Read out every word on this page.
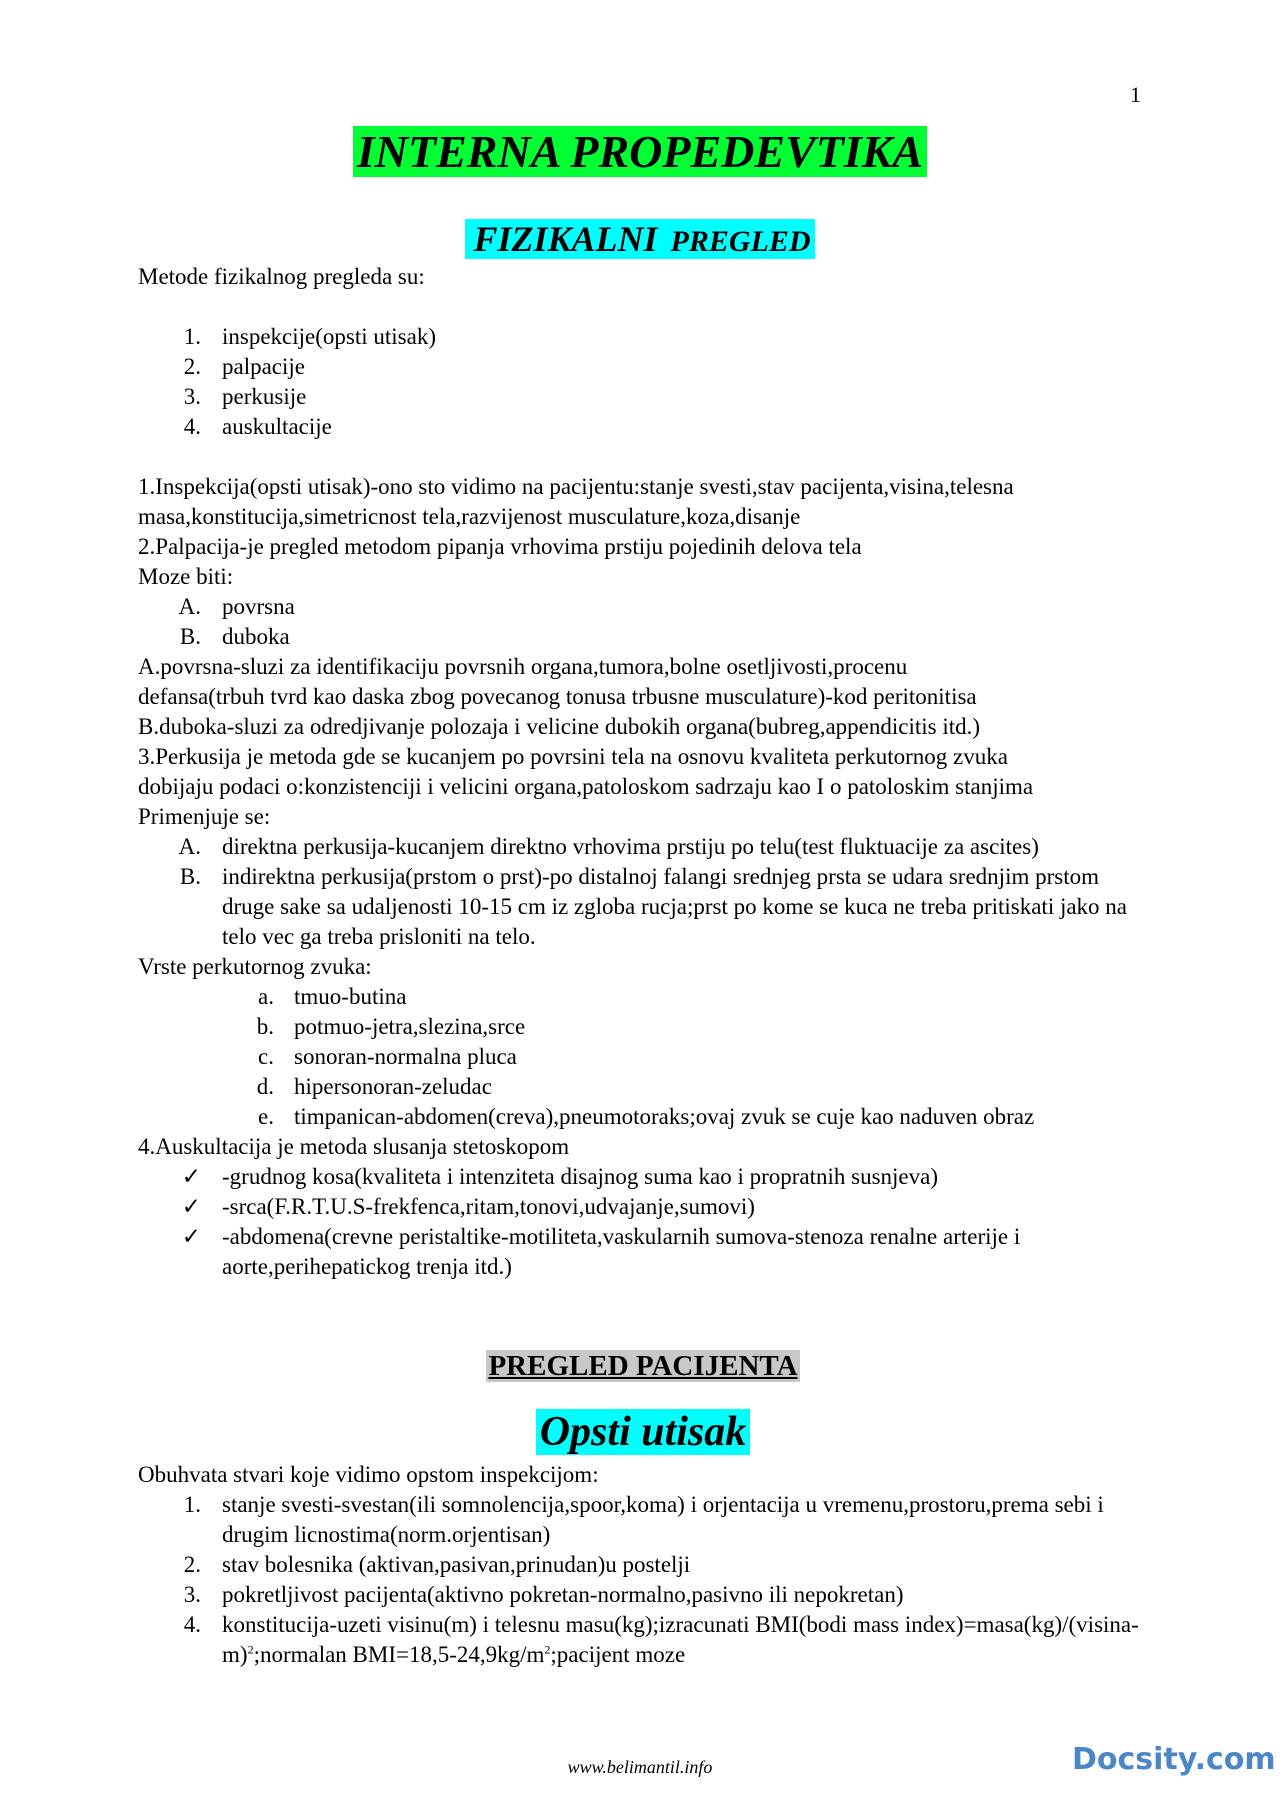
1
INTERNA PROPEDEVTIKA
FIZIKALNI PREGLED

Metode fizikalnog pregleda su:

1. inspekcije(opsti utisak)
2. palpacije
3. perkusije
4. auskultacije

1.Inspekcija(opsti utisak)-ono sto vidimo na pacijentu:stanje svesti,stav pacijenta,visina,telesna

masa,konstitucija,simetricnost tela,razvijenost musculature,koza,disanje

2.Palpacija-je pregled metodom pipanja vrhovima prstiju pojedinih delova tela

Moze biti:

A. povrsna
B. duboka

A.povrsna-sluzi za identifikaciju povrsnih organa,tumora,bolne osetljivosti,procenu

defansa(trbuh tvrd kao daska zbog povecanog tonusa trbusne musculature)-kod peritonitisa

B.duboka-sluzi za odredjivanje polozaja i velicine dubokih organa(bubreg,appendicitis itd.)

3.Perkusija je metoda gde se kucanjem po povrsini tela na osnovu kvaliteta perkutornog zvuka

dobijaju podaci o:konzistenciji i velicini organa,patoloskom sadrzaju kao I o patoloskim stanjima

Primenjuje se:

A. direktna perkusija-kucanjem direktno vrhovima prstiju po telu(test fluktuacije za ascites)
B. indirektna perkusija(prstom o prst)-po distalnoj falangi srednjeg prsta se udara srednjim prstom druge sake sa udaljenosti 10-15 cm iz zgloba rucja;prst po kome se kuca ne treba pritiskati jako na telo vec ga treba prisloniti na telo.

Vrste perkutornog zvuka:

a. tmuo-butina
b. potmuo-jetra,slezina,srce
c. sonoran-normalna pluca
d. hipersonoran-zeludac
e. timpanican-abdomen(creva),pneumotoraks;ovaj zvuk se cuje kao naduven obraz

4.Auskultacija je metoda slusanja stetoskopom

✓ -grudnog kosa(kvaliteta i intenziteta disajnog suma kao i propratnih susnjeva)
✓ -srca(F.R.T.U.S-frekfenca,ritam,tonovi,udvajanje,sumovi)
✓ -abdomena(crevne peristaltike-motiliteta,vaskularnih sumova-stenoza renalne arterije i aorte,perihepatickog trenja itd.)
PREGLED PACIJENTA
Opsti utisak

Obuhvata stvari koje vidimo opstom inspekcijom:

1. stanje svesti-svestan(ili somnolencija,spoor,koma) i orjentacija u vremenu,prostoru,prema sebi i drugim licnostima(norm.orjentisan)
2. stav bolesnika (aktivan,pasivan,prinudan)u postelji
3. pokretljivost pacijenta(aktivno pokretan-normalno,pasivno ili nepokretan)
4. konstitucija-uzeti visinu(m) i telesnu masu(kg);izracunati BMI(bodi mass $index)=masa(kg)/(visina-m)^2;normalan$ $BMI=18,5-24,9kg/m^2;pacijent$ moze
www.belimantil.info	Docsity.com
